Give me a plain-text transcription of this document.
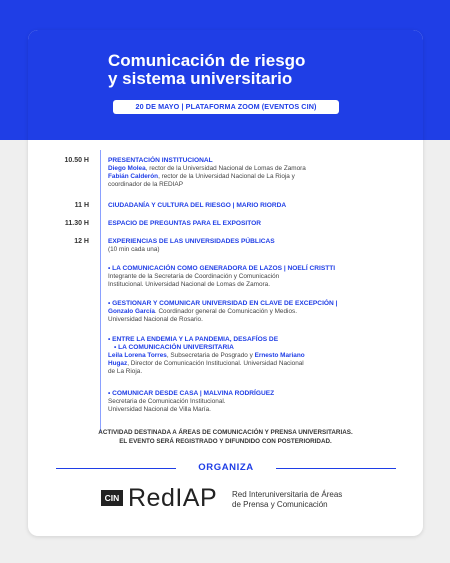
Comunicación de riesgo
y sistema universitario
20 DE MAYO | PLATAFORMA ZOOM (EVENTOS CIN)
10.50 H	PRESENTACIÓN INSTITUCIONAL

Diego Molea, rector de la Universidad Nacional de Lomas de Zamora

Fabián Calderón, rector de la Universidad Nacional de La Rioja y

coordinador de la REDIAP

11 H	CIUDADANÍA Y CULTURA DEL RIESGO | MARIO RIORDA
11.30 H	ESPACIO DE PREGUNTAS PARA EL EXPOSITOR
12 H	EXPERIENCIAS DE LAS UNIVERSIDADES PÚBLICAS

(10 min cada una)

• LA COMUNICACIÓN COMO GENERADORA DE LAZOS | NOELÍ CRISTTI

Integrante de la Secretaría de Coordinación y Comunicación

Institucional. Universidad Nacional de Lomas de Zamora.

• GESTIONAR Y COMUNICAR UNIVERSIDAD EN CLAVE DE EXCEPCIÓN |

Gonzalo García. Coordinador general de Comunicación y Medios.

Universidad Nacional de Rosario.

• ENTRE LA ENDEMIA Y LA PANDEMIA, DESAFÍOS DE
• LA COMUNICACIÓN UNIVERSITARIA

Leila Lorena Torres, Subsecretaria de Posgrado y Ernesto Mariano

Hugaz, Director de Comunicación Institucional. Universidad Nacional

de La Rioja.

• COMUNICAR DESDE CASA | MALVINA RODRÍGUEZ

Secretaria de Comunicación Institucional.

Universidad Nacional de Villa María.

ACTIVIDAD DESTINADA A ÁREAS DE COMUNICACIÓN Y PRENSA UNIVERSITARIAS.
EL EVENTO SERÁ REGISTRADO Y DIFUNDIDO CON POSTERIORIDAD.
ORGANIZA
CIN RedIAP Red Interuniversitaria de Áreas
de Prensa y Comunicación
